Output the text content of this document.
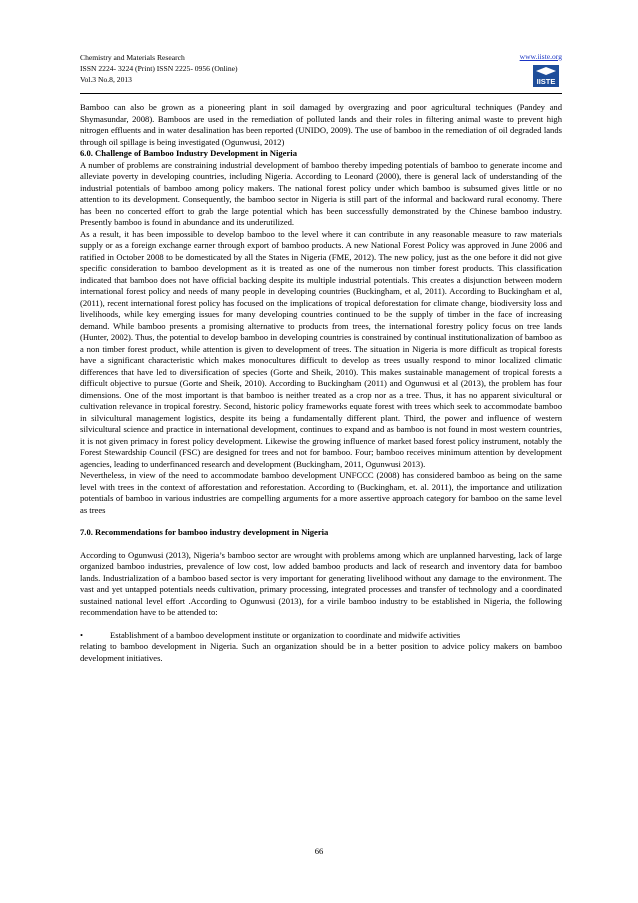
Chemistry and Materials Research
ISSN 2224- 3224 (Print) ISSN 2225- 0956 (Online)
Vol.3 No.8, 2013
www.iiste.org
IISTE

Bamboo can also be grown as a pioneering plant in soil damaged by overgrazing and poor agricultural techniques (Pandey and Shymasundar, 2008). Bamboos are used in the remediation of polluted lands and their roles in filtering animal waste to prevent high nitrogen effluents and in water desalination has been reported (UNIDO, 2009). The use of bamboo in the remediation of oil degraded lands through oil spillage is being investigated (Ogunwusi, 2012)

6.0. Challenge of Bamboo Industry Development in Nigeria

A number of problems are constraining industrial development of bamboo thereby impeding potentials of bamboo to generate income and alleviate poverty in developing countries, including Nigeria. According to Leonard (2000), there is general lack of understanding of the industrial potentials of bamboo among policy makers. The national forest policy under which bamboo is subsumed gives little or no attention to its development. Consequently, the bamboo sector in Nigeria is still part of the informal and backward rural economy. There has been no concerted effort to grab the large potential which has been successfully demonstrated by the Chinese bamboo industry. Presently bamboo is found in abundance and its underutilized.

As a result, it has been impossible to develop bamboo to the level where it can contribute in any reasonable measure to raw materials supply or as a foreign exchange earner through export of bamboo products. A new National Forest Policy was approved in June 2006 and ratified in October 2008 to be domesticated by all the States in Nigeria (FME, 2012). The new policy, just as the one before it did not give specific consideration to bamboo development as it is treated as one of the numerous non timber forest products. This classification indicated that bamboo does not have official backing despite its multiple industrial potentials. This creates a disjunction between modern international forest policy and needs of many people in developing countries (Buckingham, et al, 2011). According to Buckingham et al, (2011), recent international forest policy has focused on the implications of tropical deforestation for climate change, biodiversity loss and livelihoods, while key emerging issues for many developing countries continued to be the supply of timber in the face of increasing demand. While bamboo presents a promising alternative to products from trees, the international forestry policy focus on tree lands (Hunter, 2002). Thus, the potential to develop bamboo in developing countries is constrained by continual institutionalization of bamboo as a non timber forest product, while attention is given to development of trees. The situation in Nigeria is more difficult as tropical forests have a significant characteristic which makes monocultures difficult to develop as trees usually respond to minor localized climatic differences that have led to diversification of species (Gorte and Sheik, 2010). This makes sustainable management of tropical forests a difficult objective to pursue (Gorte and Sheik, 2010). According to Buckingham (2011) and Ogunwusi et al (2013), the problem has four dimensions. One of the most important is that bamboo is neither treated as a crop nor as a tree. Thus, it has no apparent sivicultural or cultivation relevance in tropical forestry. Second, historic policy frameworks equate forest with trees which seek to accommodate bamboo in silvicultural management logistics, despite its being a fundamentally different plant. Third, the power and influence of western silvicultural science and practice in international development, continues to expand and as bamboo is not found in most western countries, it is not given primacy in forest policy development. Likewise the growing influence of market based forest policy instrument, notably the Forest Stewardship Council (FSC) are designed for trees and not for bamboo. Four; bamboo receives minimum attention by development agencies, leading to underfinanced research and development (Buckingham, 2011, Ogunwusi 2013).

Nevertheless, in view of the need to accommodate bamboo development UNFCCC (2008) has considered bamboo as being on the same level with trees in the context of afforestation and reforestation. According to (Buckingham, et. al. 2011), the importance and utilization potentials of bamboo in various industries are compelling arguments for a more assertive approach category for bamboo on the same level as trees

7.0. Recommendations for bamboo industry development in Nigeria

According to Ogunwusi (2013), Nigeria’s bamboo sector are wrought with problems among which are unplanned harvesting, lack of large organized bamboo industries, prevalence of low cost, low added bamboo products and lack of research and inventory data for bamboo lands. Industrialization of a bamboo based sector is very important for generating livelihood without any damage to the environment. The vast and yet untapped potentials needs cultivation, primary processing, integrated processes and transfer of technology and a coordinated sustained national level effort .According to Ogunwusi (2013), for a virile bamboo industry to be established in Nigeria, the following recommendation have to be attended to:

•	Establishment of a bamboo development institute or organization to coordinate and midwife activities

relating to bamboo development in Nigeria. Such an organization should be in a better position to advice policy makers on bamboo development initiatives.

66
